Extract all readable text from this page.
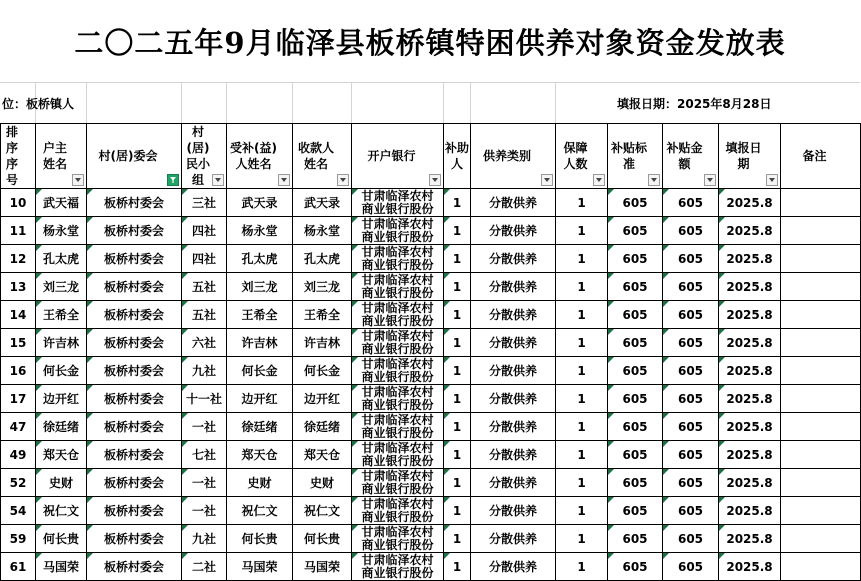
二〇二五年9月临泽县板桥镇特困供养对象资金发放表
位：板桥镇人	填报日期：2025年8月28日
排序序号	户主姓名	村(居)委会	村(居)民小组	受补(益)人姓名	收款人姓名	开户银行	补助人	供养类别	保障人数	补贴标准	补贴金额	填报日期	备注
10	武天福	板桥村委会	三社	武天录	武天录	甘肃临泽农村
商业银行股份	1	分散供养	1	605	605	2025.8	
11	杨永堂	板桥村委会	四社	杨永堂	杨永堂	甘肃临泽农村
商业银行股份	1	分散供养	1	605	605	2025.8	
12	孔太虎	板桥村委会	四社	孔太虎	孔太虎	甘肃临泽农村
商业银行股份	1	分散供养	1	605	605	2025.8	
13	刘三龙	板桥村委会	五社	刘三龙	刘三龙	甘肃临泽农村
商业银行股份	1	分散供养	1	605	605	2025.8	
14	王希全	板桥村委会	五社	王希全	王希全	甘肃临泽农村
商业银行股份	1	分散供养	1	605	605	2025.8	
15	许吉林	板桥村委会	六社	许吉林	许吉林	甘肃临泽农村
商业银行股份	1	分散供养	1	605	605	2025.8	
16	何长金	板桥村委会	九社	何长金	何长金	甘肃临泽农村
商业银行股份	1	分散供养	1	605	605	2025.8	
17	边开红	板桥村委会	十一社	边开红	边开红	甘肃临泽农村
商业银行股份	1	分散供养	1	605	605	2025.8	
47	徐廷绪	板桥村委会	一社	徐廷绪	徐廷绪	甘肃临泽农村
商业银行股份	1	分散供养	1	605	605	2025.8	
49	郑天仓	板桥村委会	七社	郑天仓	郑天仓	甘肃临泽农村
商业银行股份	1	分散供养	1	605	605	2025.8	
52	史财	板桥村委会	一社	史财	史财	甘肃临泽农村
商业银行股份	1	分散供养	1	605	605	2025.8	
54	祝仁文	板桥村委会	一社	祝仁文	祝仁文	甘肃临泽农村
商业银行股份	1	分散供养	1	605	605	2025.8	
59	何长贵	板桥村委会	九社	何长贵	何长贵	甘肃临泽农村
商业银行股份	1	分散供养	1	605	605	2025.8	
61	马国荣	板桥村委会	二社	马国荣	马国荣	甘肃临泽农村
商业银行股份	1	分散供养	1	605	605	2025.8	
